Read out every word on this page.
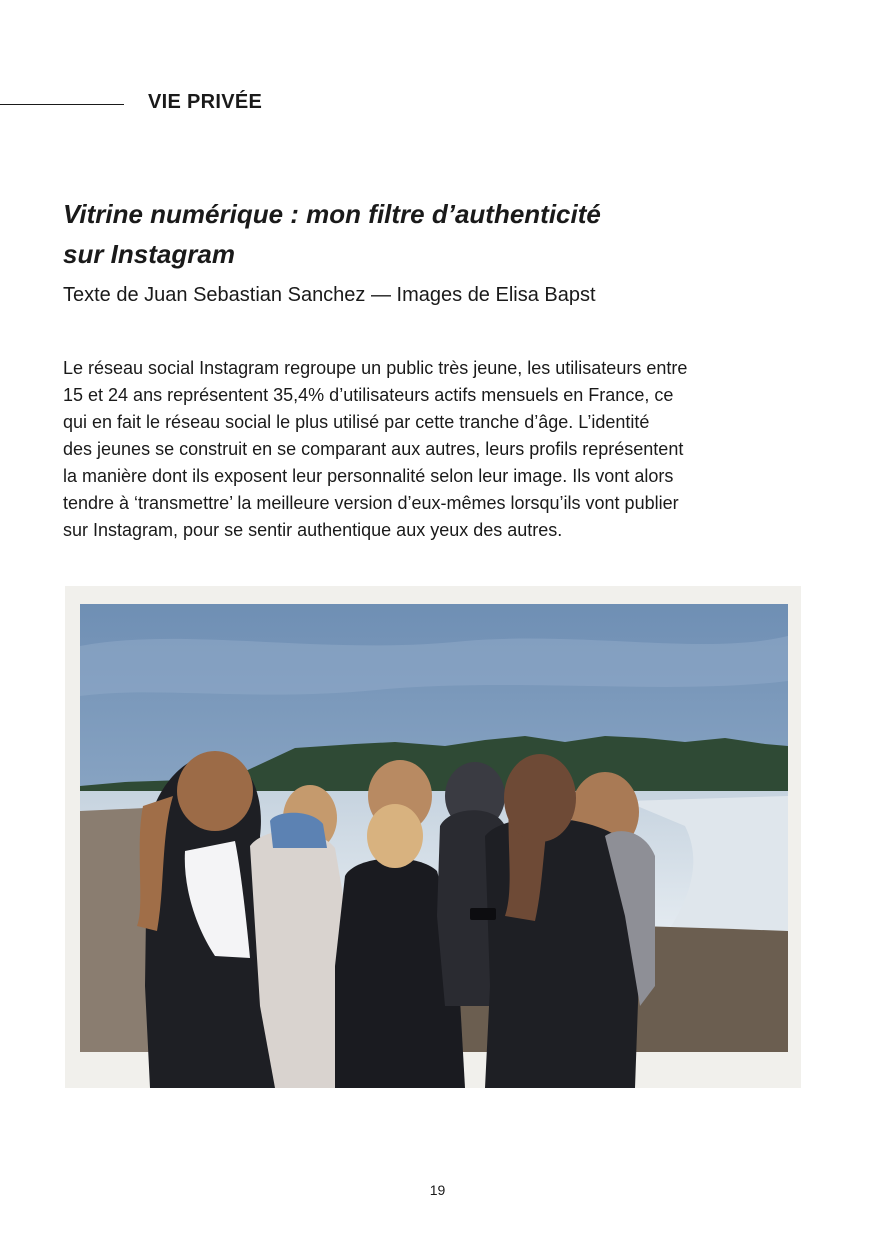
VIE PRIVÉE
Vitrine numérique : mon filtre d’authenticité
sur Instagram
Texte de Juan Sebastian Sanchez — Images de Elisa Bapst

Le réseau social Instagram regroupe un public très jeune, les utilisateurs entre
15 et 24 ans représentent 35,4% d’utilisateurs actifs mensuels en France, ce
qui en fait le réseau social le plus utilisé par cette tranche d’âge. L’identité
des jeunes se construit en se comparant aux autres, leurs profils représentent
la manière dont ils exposent leur personnalité selon leur image. Ils vont alors
tendre à ‘transmettre’ la meilleure version d’eux-mêmes lorsqu’ils vont publier
sur Instagram, pour se sentir authentique aux yeux des autres.

19
